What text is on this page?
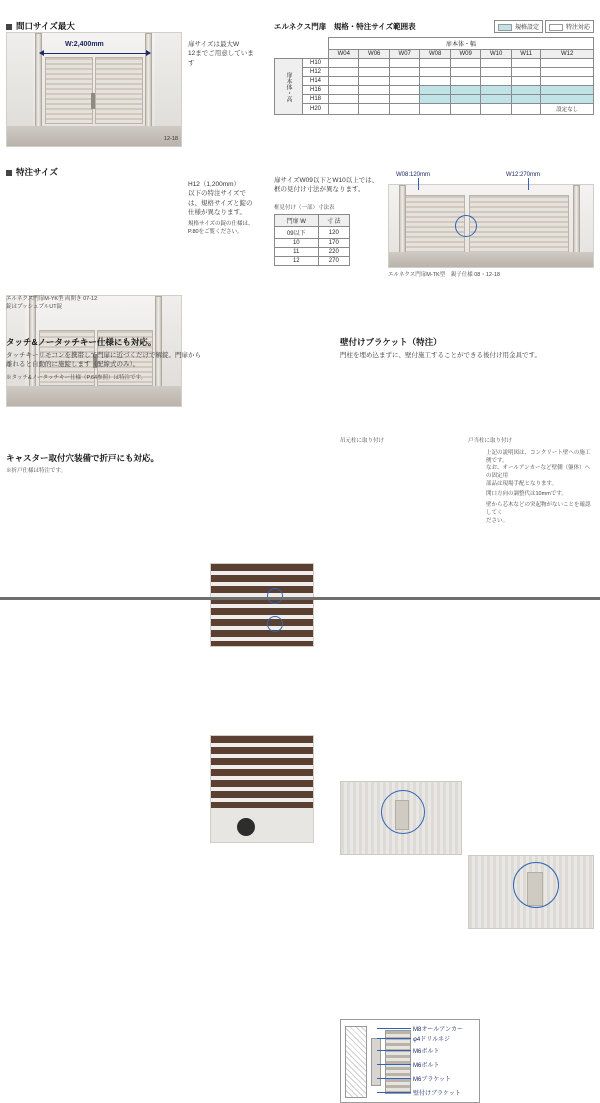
間口サイズ最大
W:2,400mm
12-18
扉サイズは最大W
12までご用意しています
特注サイズ
エルネクス門扉M-YK型 両開き 07-12
錠はプッシュプルUT錠
H12（1,200mm）
以下の特注サイズで
は、規格サイズと錠の
仕様が異なります。
規格サイズの錠の仕様は、
P.80をご覧ください。
扉サイズW09以下とW10以上では、
框の見付け寸法が異なります。
框見付け（一部）寸法表
門扉 W	寸 法
09以下	120
10	170
11	220
12	270
エルネクス門扉　規格・特注サイズ範囲表	規格設定	特注対応
		扉本体・幅							
		W04	W06	W07	W08	W09	W10	W11	W12
扉本体・高	H10								
	H12								
	H14								
	H16								
	H18								
	H20								設定なし
W08:120mm	W12:270mm
エルネクス門扉M-TK型　親子仕様 08・12-18
タッチ&ノータッチキー仕様にも対応。
タッチキーリモコンを携帯して門扉に近づくだけで解錠。門扉から離れると自動的に施錠します（配線式のみ）。
※タッチ&ノータッチキー仕様（P.64参照）は特注です。
キャスター取付穴装備で折戸にも対応。
※折戸仕様は特注です。
壁付けブラケット（特注）
門柱を埋め込まずに、壁付施工することができる後付け用金具です。
吊元柱に取り付け	戸当柱に取り付け
M8オールアンカー
φ4ドリルネジ
M6ボルト
M6ボルト
M6ブラケット
壁付けブラケット
上記の説明図は、コンクリート壁への施工例です。
なお、オールアンカーなど壁側（躯体）への固定用
部品は現場手配となります。
開口方向の調整代は10mmです。
壁から芯木などの突起物がないことを確認してく
ださい。
